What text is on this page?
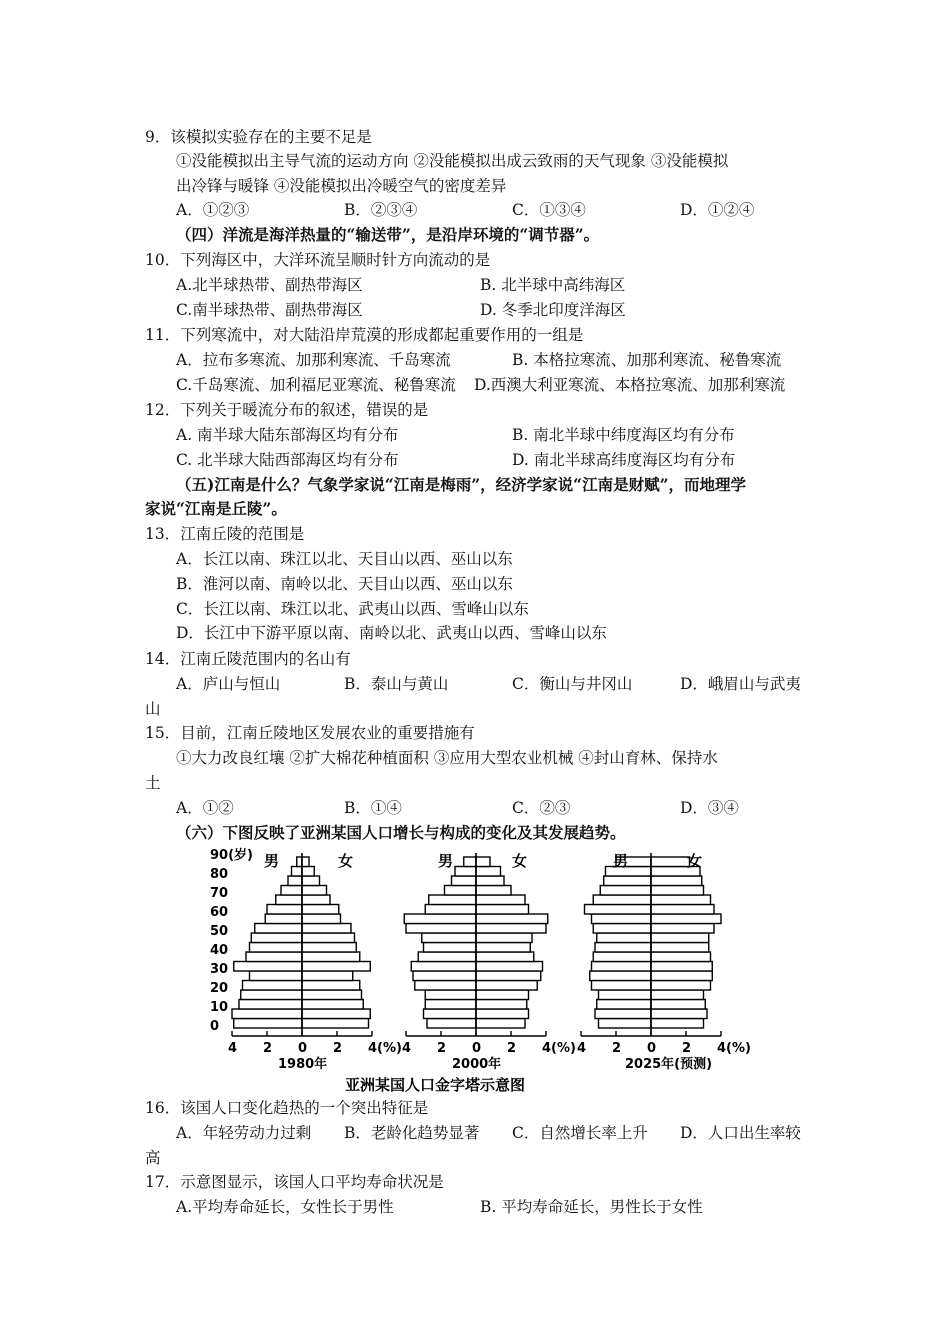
9．该模拟实验存在的主要不足是
①没能模拟出主导气流的运动方向 ②没能模拟出成云致雨的天气现象 ③没能模拟
出冷锋与暖锋 ④没能模拟出冷暖空气的密度差异
A．①②③	B．②③④	C．①③④	D．①②④
（四）洋流是海洋热量的“输送带”，是沿岸环境的“调节器”。
10．下列海区中，大洋环流呈顺时针方向流动的是
A.北半球热带、副热带海区	B. 北半球中高纬海区
C.南半球热带、副热带海区	D. 冬季北印度洋海区
11．下列寒流中，对大陆沿岸荒漠的形成都起重要作用的一组是
A．拉布多寒流、加那利寒流、千岛寒流	B. 本格拉寒流、加那利寒流、秘鲁寒流
C.千岛寒流、加利福尼亚寒流、秘鲁寒流 D.西澳大利亚寒流、本格拉寒流、加那利寒流
12．下列关于暖流分布的叙述，错误的是
A. 南半球大陆东部海区均有分布	B. 南北半球中纬度海区均有分布
C. 北半球大陆西部海区均有分布	D. 南北半球高纬度海区均有分布
（五)江南是什么？气象学家说“江南是梅雨”，经济学家说“江南是财赋”，而地理学
家说“江南是丘陵”。
13．江南丘陵的范围是
A．长江以南、珠江以北、天目山以西、巫山以东
B．淮河以南、南岭以北、天目山以西、巫山以东
C．长江以南、珠江以北、武夷山以西、雪峰山以东
D．长江中下游平原以南、南岭以北、武夷山以西、雪峰山以东
14．江南丘陵范围内的名山有
A．庐山与恒山	B．泰山与黄山	C．衡山与井冈山	D．峨眉山与武夷
山
15．目前，江南丘陵地区发展农业的重要措施有
①大力改良红壤 ②扩大棉花种植面积 ③应用大型农业机械 ④封山育林、保持水
土
A．①②	B．①④	C．②③	D．③④
（六）下图反映了亚洲某国人口增长与构成的变化及其发展趋势。
4 2 0 2 4(%)
男	女
1980年
4 2 0 2 4(%)
男	女
2000年
4 2 0 2 4(%)
男	女
2025年(预测)
90(岁)
80
70
60
50
40
30
20
10
0
亚洲某国人口金字塔示意图
16．该国人口变化趋热的一个突出特征是
A．年轻劳动力过剩 B．老龄化趋势显著 C．自然增长率上升 D．人口出生率较
高
17．示意图显示，该国人口平均寿命状况是
A.平均寿命延长，女性长于男性	B. 平均寿命延长，男性长于女性
